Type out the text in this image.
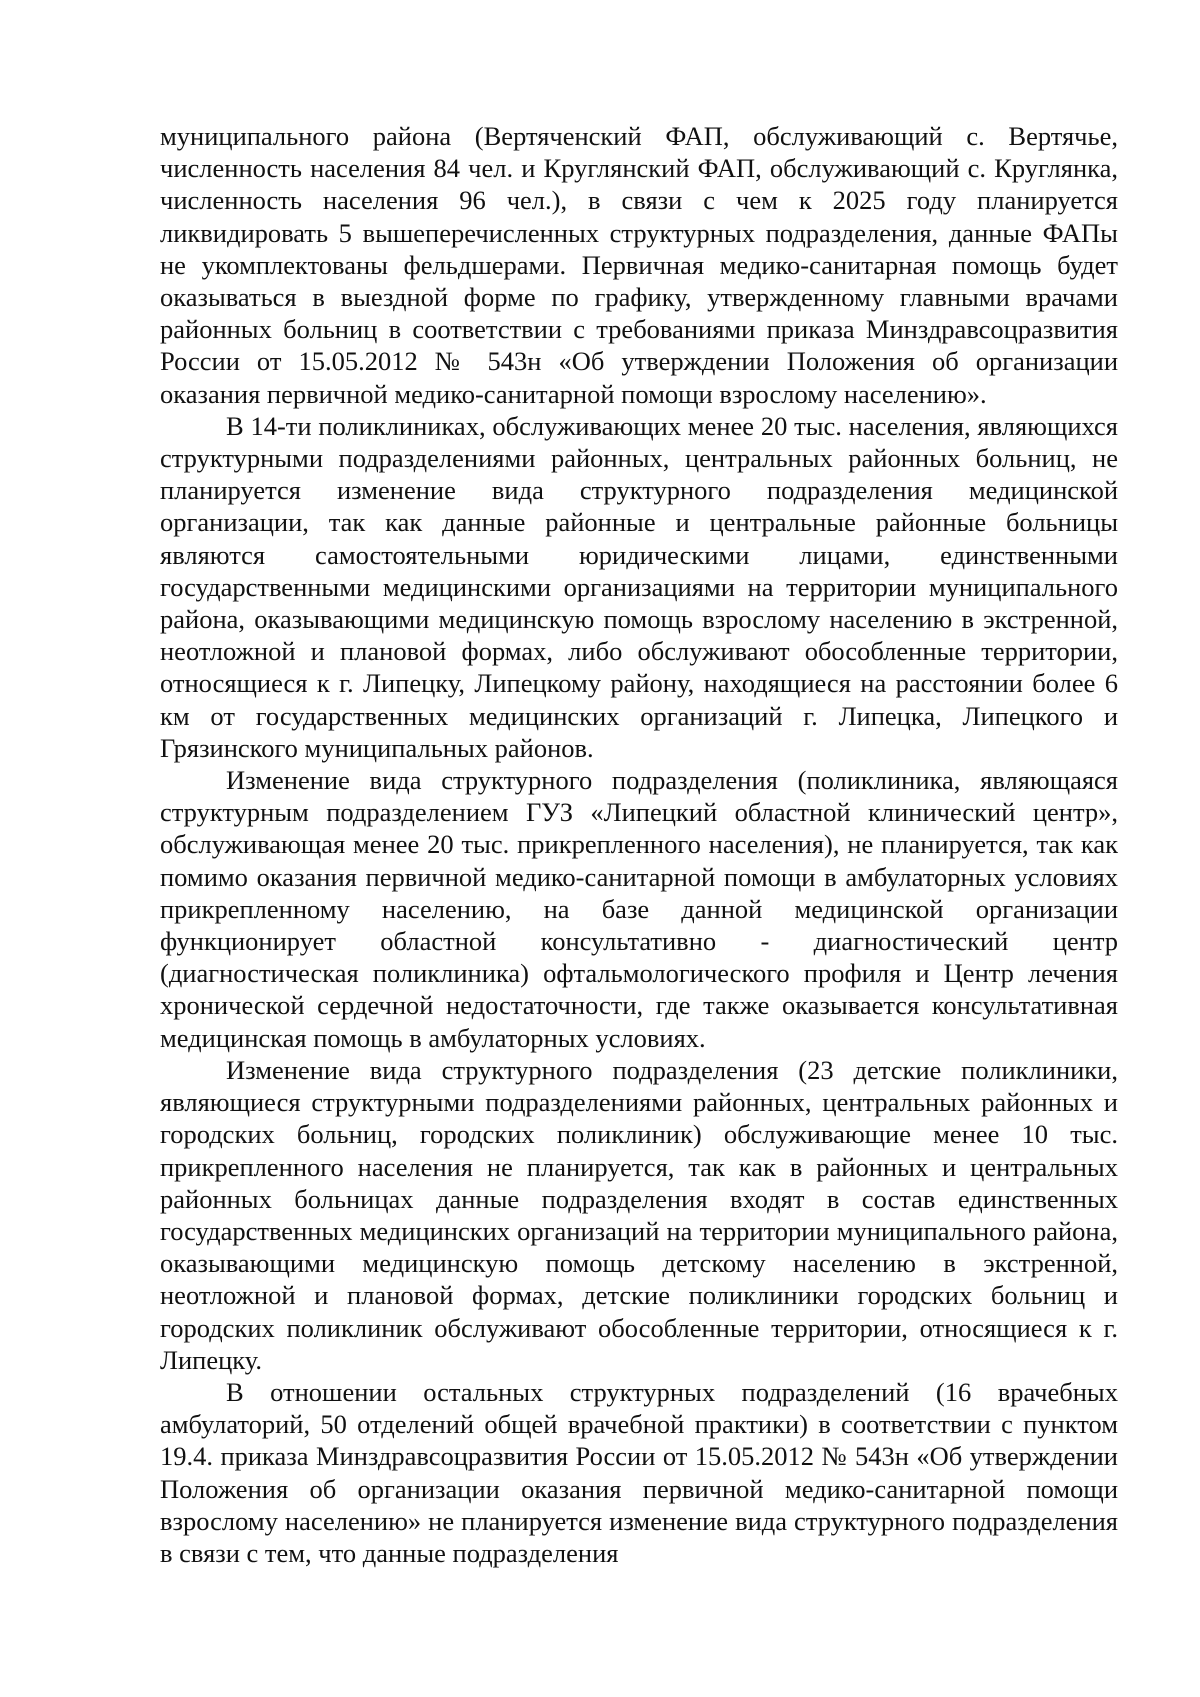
муниципального района (Вертяченский ФАП, обслуживающий с. Вертячье, численность населения 84 чел. и Круглянский ФАП, обслуживающий с. Круглянка, численность населения 96 чел.), в связи с чем к 2025 году планируется ликвидировать 5 вышеперечисленных структурных подразделения, данные ФАПы не укомплектованы фельдшерами. Первичная медико-санитарная помощь будет оказываться в выездной форме по графику, утвержденному главными врачами районных больниц в соответствии с требованиями приказа Минздравсоцразвития России от 15.05.2012 № 543н «Об утверждении Положения об организации оказания первичной медико-санитарной помощи взрослому населению».

В 14-ти поликлиниках, обслуживающих менее 20 тыс. населения, являющихся структурными подразделениями районных, центральных районных больниц, не планируется изменение вида структурного подразделения медицинской организации, так как данные районные и центральные районные больницы являются самостоятельными юридическими лицами, единственными государственными медицинскими организациями на территории муниципального района, оказывающими медицинскую помощь взрослому населению в экстренной, неотложной и плановой формах, либо обслуживают обособленные территории, относящиеся к г. Липецку, Липецкому району, находящиеся на расстоянии более 6 км от государственных медицинских организаций г. Липецка, Липецкого и Грязинского муниципальных районов.

Изменение вида структурного подразделения (поликлиника, являющаяся структурным подразделением ГУЗ «Липецкий областной клинический центр», обслуживающая менее 20 тыс. прикрепленного населения), не планируется, так как помимо оказания первичной медико-санитарной помощи в амбулаторных условиях прикрепленному населению, на базе данной медицинской организации функционирует областной консультативно - диагностический центр (диагностическая поликлиника) офтальмологического профиля и Центр лечения хронической сердечной недостаточности, где также оказывается консультативная медицинская помощь в амбулаторных условиях.

Изменение вида структурного подразделения (23 детские поликлиники, являющиеся структурными подразделениями районных, центральных районных и городских больниц, городских поликлиник) обслуживающие менее 10 тыс. прикрепленного населения не планируется, так как в районных и центральных районных больницах данные подразделения входят в состав единственных государственных медицинских организаций на территории муниципального района, оказывающими медицинскую помощь детскому населению в экстренной, неотложной и плановой формах, детские поликлиники городских больниц и городских поликлиник обслуживают обособленные территории, относящиеся к г. Липецку.

В отношении остальных структурных подразделений (16 врачебных амбулаторий, 50 отделений общей врачебной практики) в соответствии с пунктом 19.4. приказа Минздравсоцразвития России от 15.05.2012 № 543н «Об утверждении Положения об организации оказания первичной медико-санитарной помощи взрослому населению» не планируется изменение вида структурного подразделения в связи с тем, что данные подразделения
